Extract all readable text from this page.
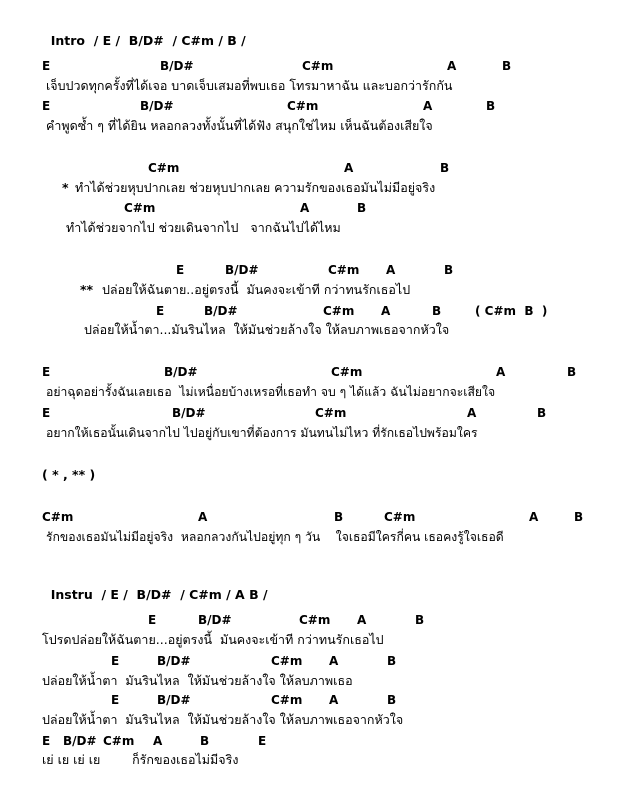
Intro / E /  B/D#  / C#m / B /

E	B/D#	C#m	A	B
เจ็บปวดทุกครั้งที่ได้เจอ บาดเจ็บเสมอที่พบเธอ โทรมาหาฉัน และบอกว่ารักกัน
E	B/D#	C#m	A	B
คำพูดซ้ำ ๆ ที่ได้ยิน หลอกลวงทั้งนั้นที่ได้ฟัง สนุกใช่ไหม เห็นฉันต้องเสียใจ
C#m	A	B
* ทำได้ช่วยหุบปากเลย ช่วยหุบปากเลย ความรักของเธอมันไม่มีอยู่จริง
C#m	A	B
ทำได้ช่วยจากไป ช่วยเดินจากไป   จากฉันไปได้ไหม
E	B/D#	C#m A	B
** ปล่อยให้ฉันตาย..อยู่ตรงนี้  มันคงจะเข้าที กว่าทนรักเธอไป
E	B/D#	C#m A	B	( C#m  B  )
ปล่อยให้น้ำตา...มันรินไหล  ให้มันช่วยล้างใจ ให้ลบภาพเธอจากหัวใจ
E	B/D#	C#m	A	B
อย่าฉุดอย่ารั้งฉันเลยเธอ  ไม่เหนื่อยบ้างเหรอที่เธอทำ จบ ๆ ได้แล้ว ฉันไม่อยากจะเสียใจ
E	B/D#	C#m	A	B
อยากให้เธอนั้นเดินจากไป ไปอยู่กับเขาที่ต้องการ มันทนไม่ไหว ที่รักเธอไปพร้อมใคร
( * , ** )
C#m	A	B	C#m	A	B
รักของเธอมันไม่มีอยู่จริง  หลอกลวงกันไปอยู่ทุก ๆ วัน    ใจเธอมีใครกี่คน เธอคงรู้ใจเธอดี

Instru / E /  B/D#  / C#m / A B /

E	B/D#	C#m A	B
โปรดปล่อยให้ฉันตาย...อยู่ตรงนี้  มันคงจะเข้าที กว่าทนรักเธอไป
E	B/D#	C#m A	B
ปล่อยให้น้ำตา  มันรินไหล  ให้มันช่วยล้างใจ ให้ลบภาพเธอ
E	B/D#	C#m A	B
ปล่อยให้น้ำตา  มันรินไหล  ให้มันช่วยล้างใจ ให้ลบภาพเธอจากหัวใจ
E B/D# C#m A	B	E
เย่ เย เย่ เย        ก็รักของเธอไม่มีจริง
